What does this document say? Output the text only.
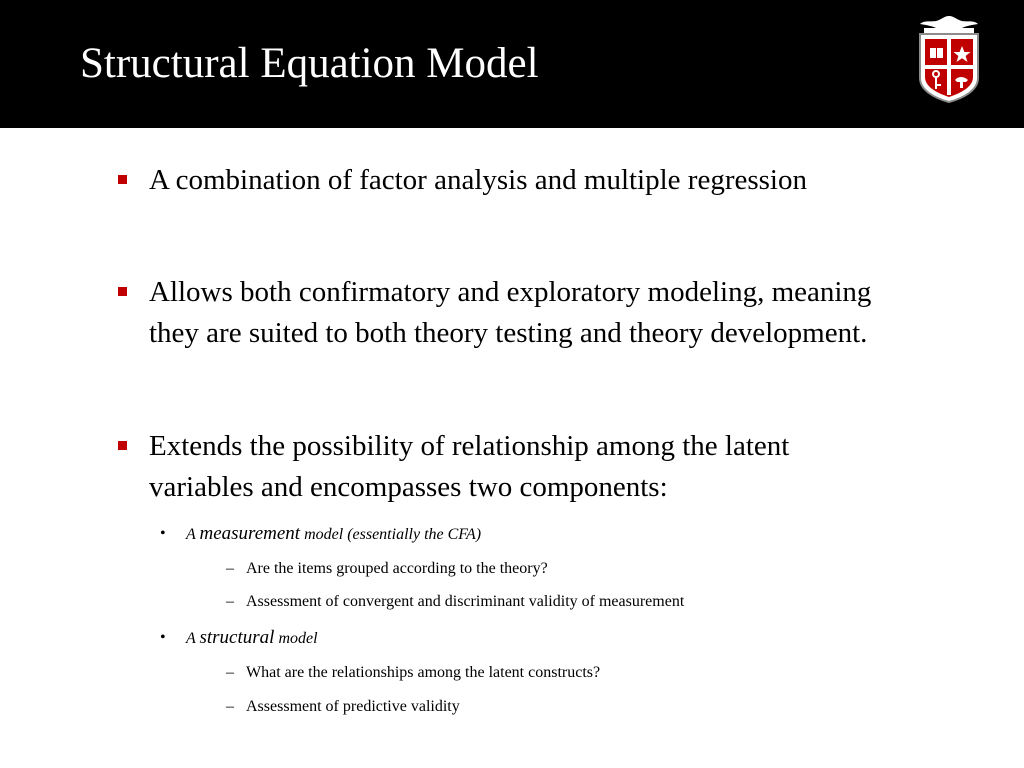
Structural Equation Model
A combination of factor analysis and multiple regression
Allows both confirmatory and exploratory modeling, meaning they are suited to both theory testing and theory development.
Extends the possibility of relationship among the latent variables and encompasses two components:
• A measurement model (essentially the CFA)
– Are the items grouped according to the theory?
– Assessment of convergent and discriminant validity of measurement
• A structural model
– What are the relationships among the latent constructs?
– Assessment of predictive validity
